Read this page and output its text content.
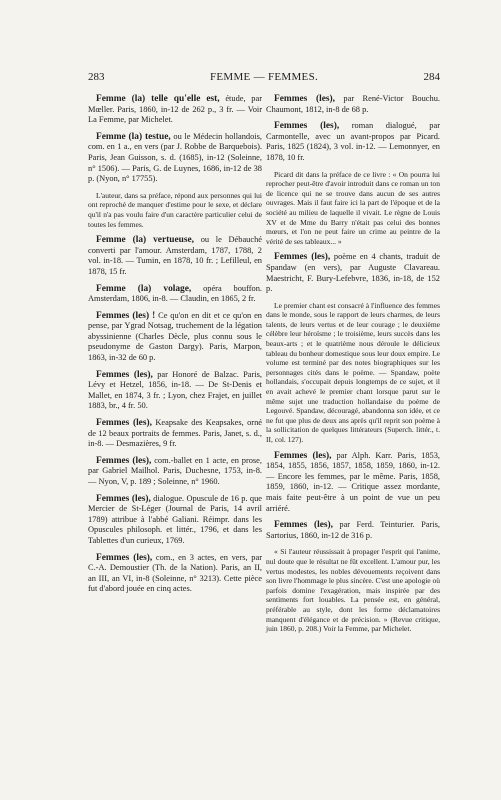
283	FEMME — FEMMES.	284

Femme (la) telle qu'elle est, étude, par Mœller. Paris, 1860, in-12 de 262 p., 3 fr. — Voir La Femme, par Michelet.

Femme (la) testue, ou le Médecin hollandois, com. en 1 a., en vers (par J. Robbe de Barquebois). Paris, Jean Guisson, s. d. (1685), in-12 (Soleinne, n° 1506). — Paris, G. de Luynes, 1686, in-12 de 38 p. (Nyon, n° 17755).

L'auteur, dans sa préface, répond aux personnes qui lui ont reproché de manquer d'estime pour le sexe, et déclare qu'il n'a pas voulu faire d'un caractère particulier celui de toutes les femmes.

Femme (la) vertueuse, ou le Débauché converti par l'amour. Amsterdam, 1787, 1788, 2 vol. in-18. — Tumin, en 1878, 10 fr. ; Lefilleul, en 1878, 15 fr.

Femme (la) volage, opéra bouffon. Amsterdam, 1806, in-8. — Claudin, en 1865, 2 fr.

Femmes (les) ! Ce qu'on en dit et ce qu'on en pense, par Ygrad Notsag, truchement de la légation abyssinienne (Charles Dècle, plus connu sous le pseudonyme de Gaston Dargy). Paris, Marpon, 1863, in-32 de 60 p.

Femmes (les), par Honoré de Balzac. Paris, Lévy et Hetzel, 1856, in-18. — De St-Denis et Mallet, en 1874, 3 fr. ; Lyon, chez Frajet, en juillet 1883, br., 4 fr. 50.

Femmes (les), Keapsake des Keapsakes, orné de 12 beaux portraits de femmes. Paris, Janet, s. d., in-8. — Desmazières, 9 fr.

Femmes (les), com.-ballet en 1 acte, en prose, par Gabriel Mailhol. Paris, Duchesne, 1753, in-8. — Nyon, V, p. 189 ; Soleinne, n° 1960.

Femmes (les), dialogue. Opuscule de 16 p. que Mercier de St-Léger (Journal de Paris, 14 avril 1789) attribue à l'abbé Galiani. Réimpr. dans les Opuscules philosoph. et littér., 1796, et dans les Tablettes d'un curieux, 1769.

Femmes (les), com., en 3 actes, en vers, par C.-A. Demoustier (Th. de la Nation). Paris, an II, an III, an VI, in-8 (Soleinne, n° 3213). Cette pièce fut d'abord jouée en cinq actes.

Femmes (les), par René-Victor Bouchu. Chaumont, 1812, in-8 de 68 p.

Femmes (les), roman dialogué, par Carmontelle, avec un avant-propos par Picard. Paris, 1825 (1824), 3 vol. in-12. — Lemonnyer, en 1878, 10 fr.

Picard dit dans la préface de ce livre : « On pourra lui reprocher peut-être d'avoir introduit dans ce roman un ton de licence qui ne se trouve dans aucun de ses autres ouvrages. Mais il faut faire ici la part de l'époque et de la société au milieu de laquelle il vivait. Le règne de Louis XV et de Mme du Barry n'était pas celui des bonnes mœurs, et l'on ne peut faire un crime au peintre de la vérité de ses tableaux... »

Femmes (les), poème en 4 chants, traduit de Spandaw (en vers), par Auguste Clavareau. Maestricht, F. Bury-Lefebvre, 1836, in-18, de 152 p.

Le premier chant est consacré à l'influence des femmes dans le monde, sous le rapport de leurs charmes, de leurs talents, de leurs vertus et de leur courage ; le deuxième célèbre leur héroïsme ; le troisième, leurs succès dans les beaux-arts ; et le quatrième nous déroule le délicieux tableau du bonheur domestique sous leur doux empire. Le volume est terminé par des notes biographiques sur les personnages cités dans le poème. — Spandaw, poète hollandais, s'occupait depuis longtemps de ce sujet, et il en avait achevé le premier chant lorsque parut sur le même sujet une traduction hollandaise du poème de Legouvé. Spandaw, découragé, abandonna son idée, et ce ne fut que plus de deux ans après qu'il reprit son poème à la sollicitation de quelques littérateurs (Superch. littér., t. II, col. 127).

Femmes (les), par Alph. Karr. Paris, 1853, 1854, 1855, 1856, 1857, 1858, 1859, 1860, in-12. — Encore les femmes, par le même. Paris, 1858, 1859, 1860, in-12. — Critique assez mordante, mais faite peut-être à un point de vue un peu arriéré.

Femmes (les), par Ferd. Teinturier. Paris, Sartorius, 1860, in-12 de 316 p.

« Si l'auteur réussissait à propager l'esprit qui l'anime, nul doute que le résultat ne fût excellent. L'amour pur, les vertus modestes, les nobles dévouements reçoivent dans son livre l'hommage le plus sincère. C'est une apologie où parfois domine l'exagération, mais inspirée par des sentiments fort louables. La pensée est, en général, préférable au style, dont les forme déclamatoires manquent d'élégance et de précision. » (Revue critique, juin 1860, p. 208.) Voir la Femme, par Michelet.
